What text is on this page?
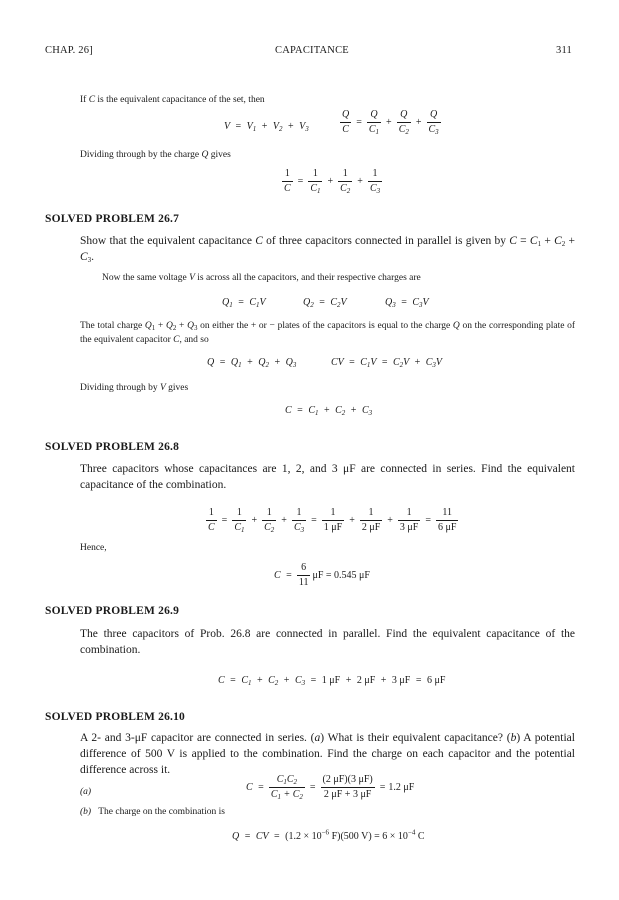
CHAP. 26]	CAPACITANCE	311
If C is the equivalent capacitance of the set, then
$V = V_1 + V_2 + V_3$	$\frac{Q}{C} = \frac{Q}{C_1} + \frac{Q}{C_2} + \frac{Q}{C_3}$
Dividing through by the charge Q gives
$\frac{1}{C} = \frac{1}{C_1} + \frac{1}{C_2} + \frac{1}{C_3}$
SOLVED PROBLEM 26.7
Show that the equivalent capacitance C of three capacitors connected in parallel is given by $C = C_1 + C_2 + C_3$.
Now the same voltage V is across all the capacitors, and their respective charges are
$Q_1 = C_1V$	$Q_2 = C_2V$	$Q_3 = C_3V$
The total charge $Q_1 + Q_2 + Q_3$ on either the + or − plates of the capacitors is equal to the charge Q on the corresponding plate of the equivalent capacitor C, and so
$Q = Q_1 + Q_2 + Q_3$	CV = $C_1V = C_2V + C_3V$
Dividing through by V gives
$C = C_1 + C_2 + C_3$
SOLVED PROBLEM 26.8
Three capacitors whose capacitances are 1, 2, and 3 μF are connected in series. Find the equivalent capacitance of the combination.
$\frac{1}{C} = \frac{1}{C_1} + \frac{1}{C_2} + \frac{1}{C_3} = \frac{1}{1 \mu F} + \frac{1}{2 \mu F} + \frac{1}{3 \mu F} = \frac{11}{6 \mu F}$
Hence,
$C = \frac{6}{11}$ μF = 0.545 μF
SOLVED PROBLEM 26.9
The three capacitors of Prob. 26.8 are connected in parallel. Find the equivalent capacitance of the combination.
$C = C_1 + C_2 + C_3 = 1$ μF + 2 μF + 3 μF = 6 μF
SOLVED PROBLEM 26.10
A 2- and 3-μF capacitor are connected in series. (a) What is their equivalent capacitance? (b) A potential difference of 500 V is applied to the combination. Find the charge on each capacitor and the potential difference across it.
(a)	$C = \frac{C_1C_2}{C_1 + C_2} = \frac{(2 \mu F)(3 \mu F)}{2 \mu F + 3 \mu F} = 1.2$ μF
(b) The charge on the combination is
Q = CV = ($1.2 \times 10^{-6}$ F)(500 $V) = 6 \times 10^{-4}$ C
